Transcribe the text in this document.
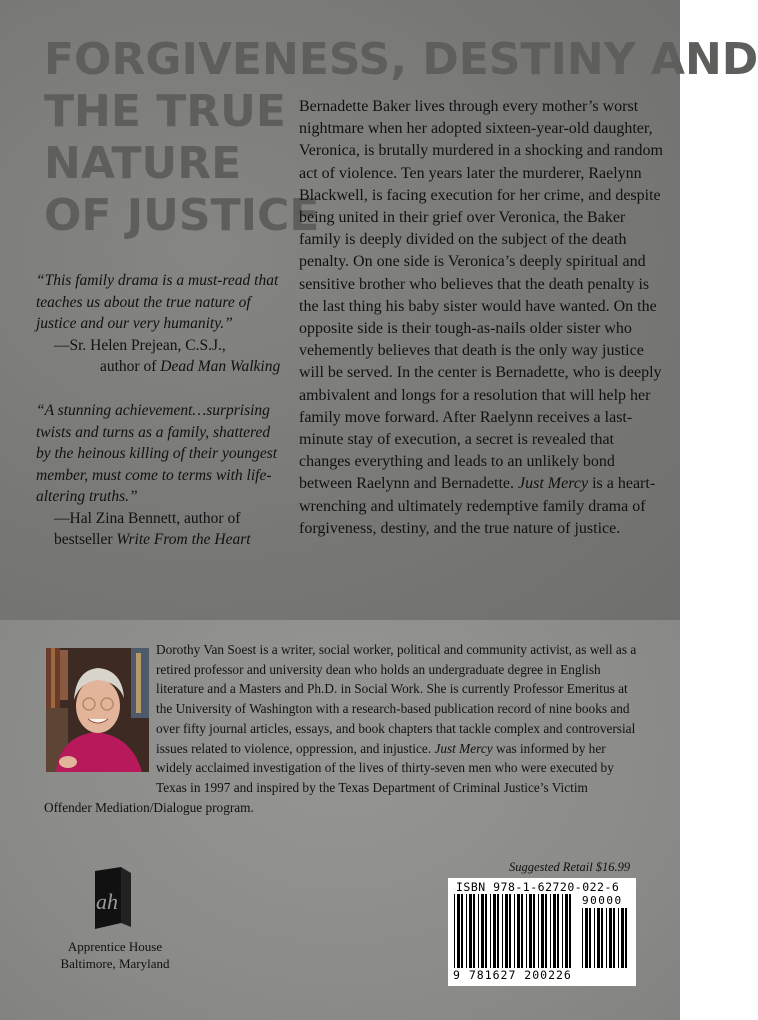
FORGIVENESS, DESTINY AND
THE TRUE
NATURE
OF JUSTICE
“This family drama is a must-read that teaches us about the true nature of justice and our very humanity.”
—Sr. Helen Prejean, C.S.J.,
author of Dead Man Walking
“A stunning achievement…surprising twists and turns as a family, shattered by the heinous killing of their youngest member, must come to terms with life-altering truths.”
—Hal Zina Bennett, author of
bestseller Write From the Heart

Bernadette Baker lives through every mother’s worst nightmare when her adopted sixteen-year-old daughter, Veronica, is brutally murdered in a shocking and random act of violence. Ten years later the murderer, Raelynn Blackwell, is facing execution for her crime, and despite being united in their grief over Veronica, the Baker family is deeply divided on the subject of the death penalty. On one side is Veronica’s deeply spiritual and sensitive brother who believes that the death penalty is the last thing his baby sister would have wanted. On the opposite side is their tough-as-nails older sister who vehemently believes that death is the only way justice will be served. In the center is Bernadette, who is deeply ambivalent and longs for a resolution that will help her family move forward. After Raelynn receives a last-minute stay of execution, a secret is revealed that changes everything and leads to an unlikely bond between Raelynn and Bernadette. Just Mercy is a heart-wrenching and ultimately redemptive family drama of forgiveness, destiny, and the true nature of justice.

Dorothy Van Soest is a writer, social worker, political and community activist, as well as a retired professor and university dean who holds an undergraduate degree in English literature and a Masters and Ph.D. in Social Work. She is currently Professor Emeritus at the University of Washington with a research-based publication record of nine books and over fifty journal articles, essays, and book chapters that tackle complex and controversial issues related to violence, oppression, and injustice. Just Mercy was informed by her widely acclaimed investigation of the lives of thirty-seven men who were executed by Texas in 1997 and inspired by the Texas Department of Criminal Justice’s Victim Offender Mediation/Dialogue program.

ah
Apprentice House
Baltimore, Maryland
Suggested Retail $16.99
ISBN 978-1-62720-022-6
90000
9 781627 200226
